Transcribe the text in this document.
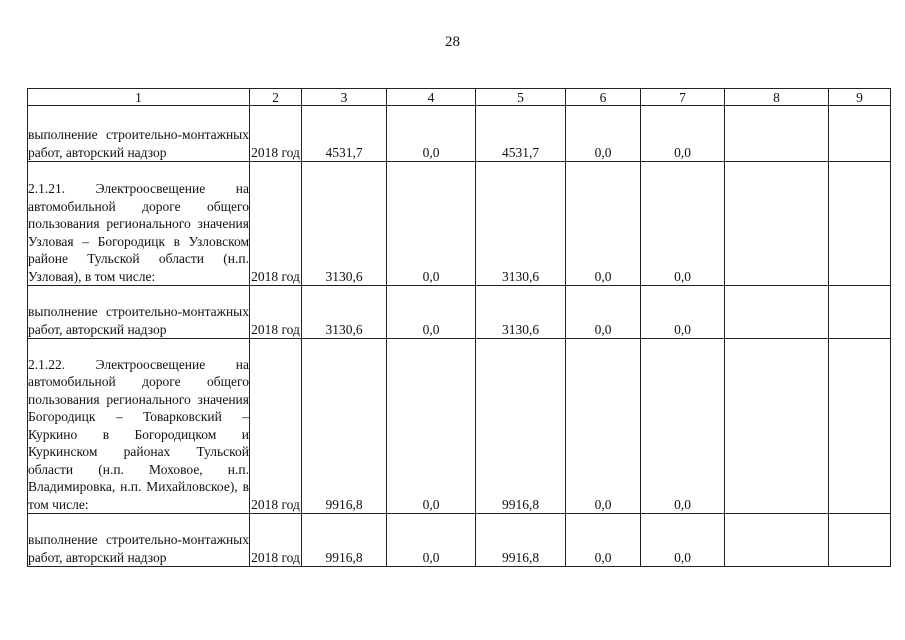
28
1	2	3	4	5	6	7	8	9
выполнение строительно-монтажных работ, авторский надзор	2018 год	4531,7	0,0	4531,7	0,0	0,0		
2.1.21. Электроосвещение на автомобильной дороге общего пользования регионального значения Узловая – Богородицк в Узловском районе Тульской области (н.п. Узловая), в том числе:	2018 год	3130,6	0,0	3130,6	0,0	0,0		
выполнение строительно-монтажных работ, авторский надзор	2018 год	3130,6	0,0	3130,6	0,0	0,0		
2.1.22. Электроосвещение на автомобильной дороге общего пользования регионального значения Богородицк – Товарковский – Куркино в Богородицком и Куркинском районах Тульской области (н.п. Моховое, н.п. Владимировка, н.п. Михайловское), в том числе:	2018 год	9916,8	0,0	9916,8	0,0	0,0		
выполнение строительно-монтажных работ, авторский надзор	2018 год	9916,8	0,0	9916,8	0,0	0,0		
